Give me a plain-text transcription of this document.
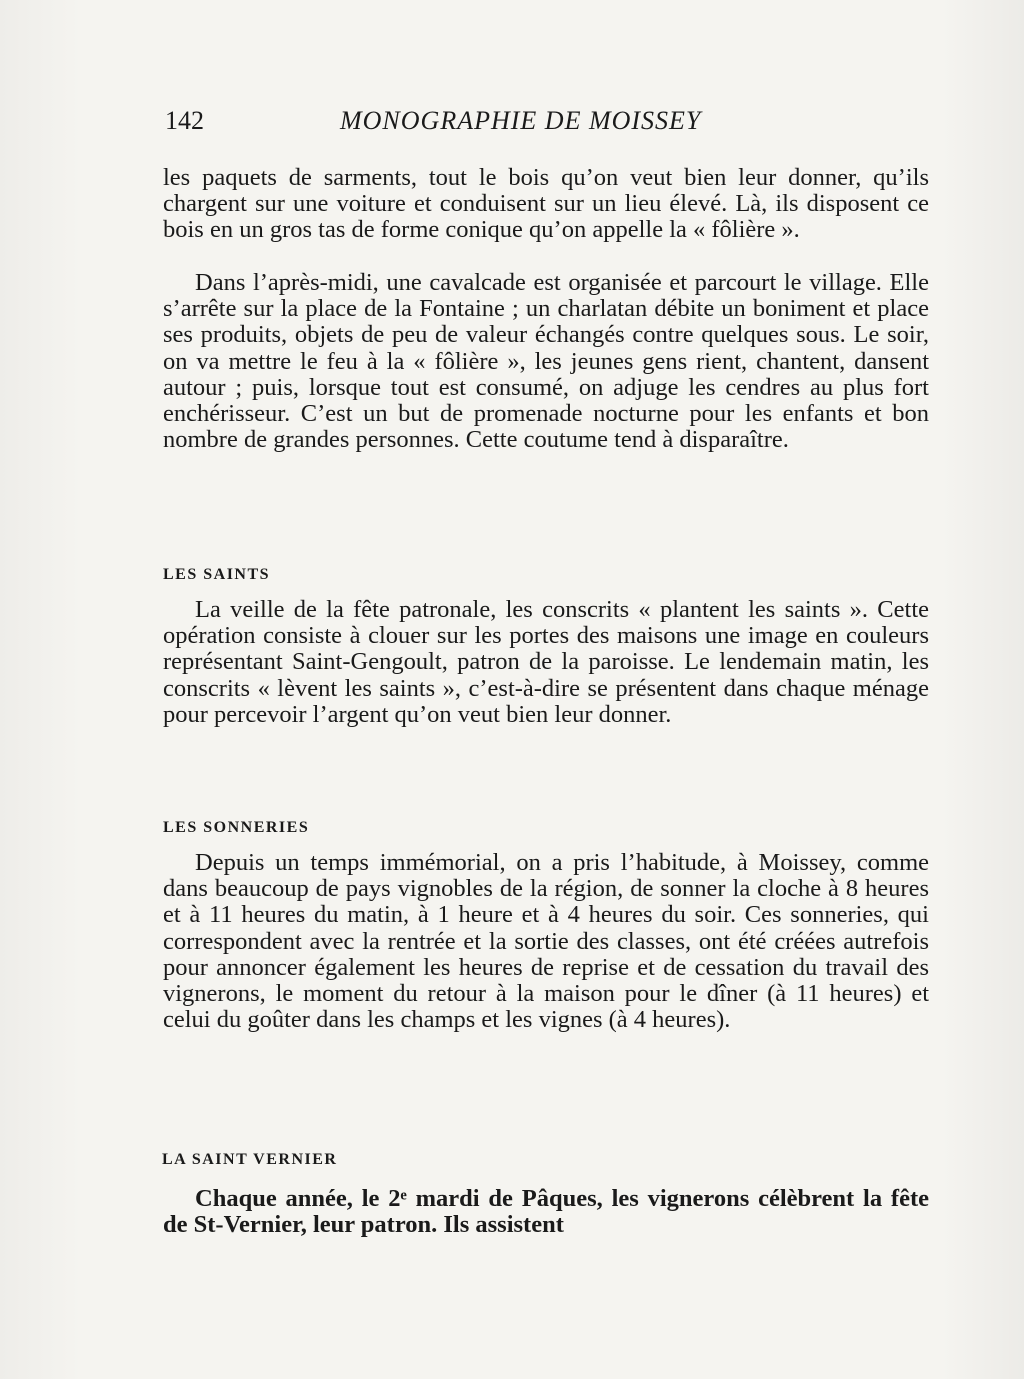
142	MONOGRAPHIE DE MOISSEY

les paquets de sarments, tout le bois qu’on veut bien leur donner, qu’ils chargent sur une voiture et conduisent sur un lieu élevé. Là, ils disposent ce bois en un gros tas de forme conique qu’on appelle la « fôlière ».

Dans l’après-midi, une cavalcade est organisée et parcourt le village. Elle s’arrête sur la place de la Fontaine ; un charlatan débite un boniment et place ses produits, objets de peu de valeur échangés contre quelques sous. Le soir, on va mettre le feu à la « fôlière », les jeunes gens rient, chantent, dansent autour ; puis, lorsque tout est consumé, on adjuge les cendres au plus fort enchérisseur. C’est un but de promenade nocturne pour les enfants et bon nombre de grandes personnes. Cette coutume tend à disparaître.

LES SAINTS

La veille de la fête patronale, les conscrits « plantent les saints ». Cette opération consiste à clouer sur les portes des maisons une image en couleurs représentant Saint-Gengoult, patron de la paroisse. Le lendemain matin, les conscrits « lèvent les saints », c’est-à-dire se présentent dans chaque ménage pour percevoir l’argent qu’on veut bien leur donner.

LES SONNERIES

Depuis un temps immémorial, on a pris l’habitude, à Moissey, comme dans beaucoup de pays vignobles de la région, de sonner la cloche à 8 heures et à 11 heures du matin, à 1 heure et à 4 heures du soir. Ces sonneries, qui correspondent avec la rentrée et la sortie des classes, ont été créées autrefois pour annoncer également les heures de reprise et de cessation du travail des vignerons, le moment du retour à la maison pour le dîner (à 11 heures) et celui du goûter dans les champs et les vignes (à 4 heures).

LA SAINT VERNIER

Chaque année, le 2ᵉ mardi de Pâques, les vignerons célèbrent la fête de St-Vernier, leur patron. Ils assistent
